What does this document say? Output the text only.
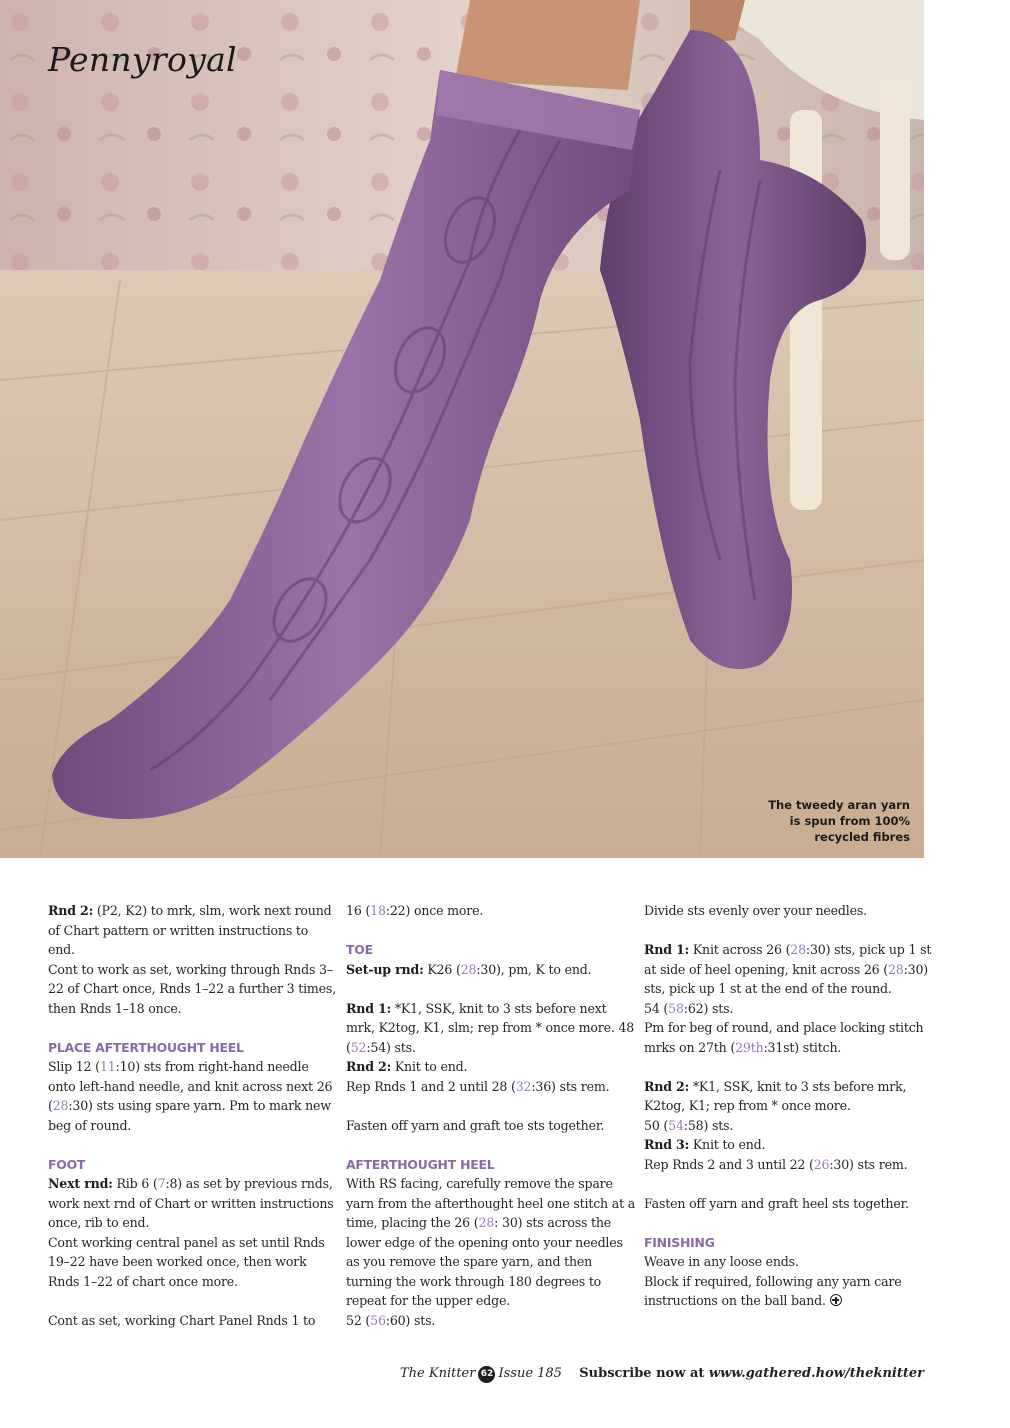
Pennyroyal
The tweedy aran yarn
is spun from 100%
recycled fibres

Rnd 2: (P2, K2) to mrk, slm, work next round of Chart pattern or written instructions to end.

Cont to work as set, working through Rnds 3–22 of Chart once, Rnds 1–22 a further 3 times, then Rnds 1–18 once.

PLACE AFTERTHOUGHT HEEL

Slip 12 (11:10) sts from right-hand needle onto left-hand needle, and knit across next 26 (28:30) sts using spare yarn. Pm to mark new beg of round.

FOOT

Next rnd: Rib 6 (7:8) as set by previous rnds, work next rnd of Chart or written instructions once, rib to end.

Cont working central panel as set until Rnds 19–22 have been worked once, then work Rnds 1–22 of chart once more.

Cont as set, working Chart Panel Rnds 1 to

16 (18:22) once more.

TOE

Set-up rnd: K26 (28:30), pm, K to end.

Rnd 1: *K1, SSK, knit to 3 sts before next mrk, K2tog, K1, slm; rep from * once more. 48 (52:54) sts.

Rnd 2: Knit to end.

Rep Rnds 1 and 2 until 28 (32:36) sts rem.

Fasten off yarn and graft toe sts together.

AFTERTHOUGHT HEEL

With RS facing, carefully remove the spare yarn from the afterthought heel one stitch at a time, placing the 26 (28: 30) sts across the lower edge of the opening onto your needles as you remove the spare yarn, and then turning the work through 180 degrees to repeat for the upper edge.

52 (56:60) sts.

Divide sts evenly over your needles.

Rnd 1: Knit across 26 (28:30) sts, pick up 1 st at side of heel opening, knit across 26 (28:30) sts, pick up 1 st at the end of the round.

54 (58:62) sts.

Pm for beg of round, and place locking stitch mrks on 27th (29th:31st) stitch.

Rnd 2: *K1, SSK, knit to 3 sts before mrk, K2tog, K1; rep from * once more.

50 (54:58) sts.

Rnd 3: Knit to end.

Rep Rnds 2 and 3 until 22 (26:30) sts rem.

Fasten off yarn and graft heel sts together.

FINISHING

Weave in any loose ends.

Block if required, following any yarn care instructions on the ball band.

The Knitter 62 Issue 185 Subscribe now at www.gathered.how/theknitter
